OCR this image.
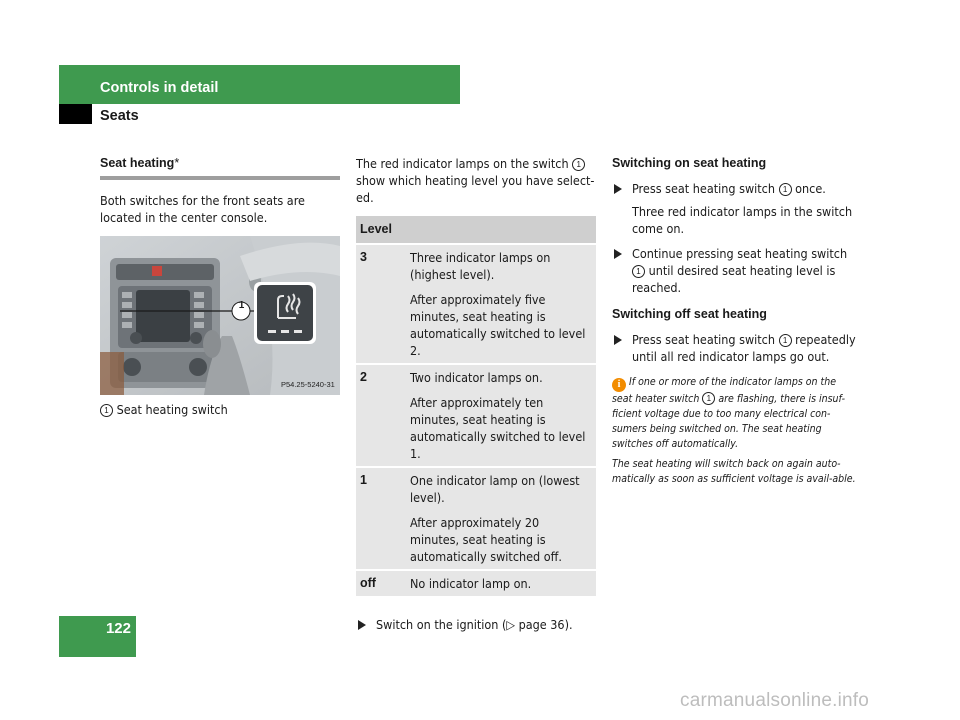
Controls in detail
Seats
Seat heating*

Both switches for the front seats are located in the center console.

1
P54.25-5240-31
1 Seat heating switch

The red indicator lamps on the switch 1 show which heating level you have select-ed.

Level	
3	Three indicator lamps on (highest level).
After approximately five minutes, seat heating is automatically switched to level 2.

2	Two indicator lamps on.
After approximately ten minutes, seat heating is automatically switched to level 1.

1	One indicator lamp on (lowest level).
After approximately 20 minutes, seat heating is automatically switched off.

off	No indicator lamp on.
Switch on the ignition (▷ page 36).
Switching on seat heating
Press seat heating switch 1 once.
Three red indicator lamps in the switch come on.
Continue pressing seat heating switch 1 until desired seat heating level is reached.
Switching off seat heating
Press seat heating switch 1 repeatedly until all red indicator lamps go out.
i If one or more of the indicator lamps on the seat heater switch 1 are flashing, there is insuf-ficient voltage due to too many electrical con-sumers being switched on. The seat heating switches off automatically.
The seat heating will switch back on again auto-matically as soon as sufficient voltage is avail-able.
122
carmanualsonline.info
